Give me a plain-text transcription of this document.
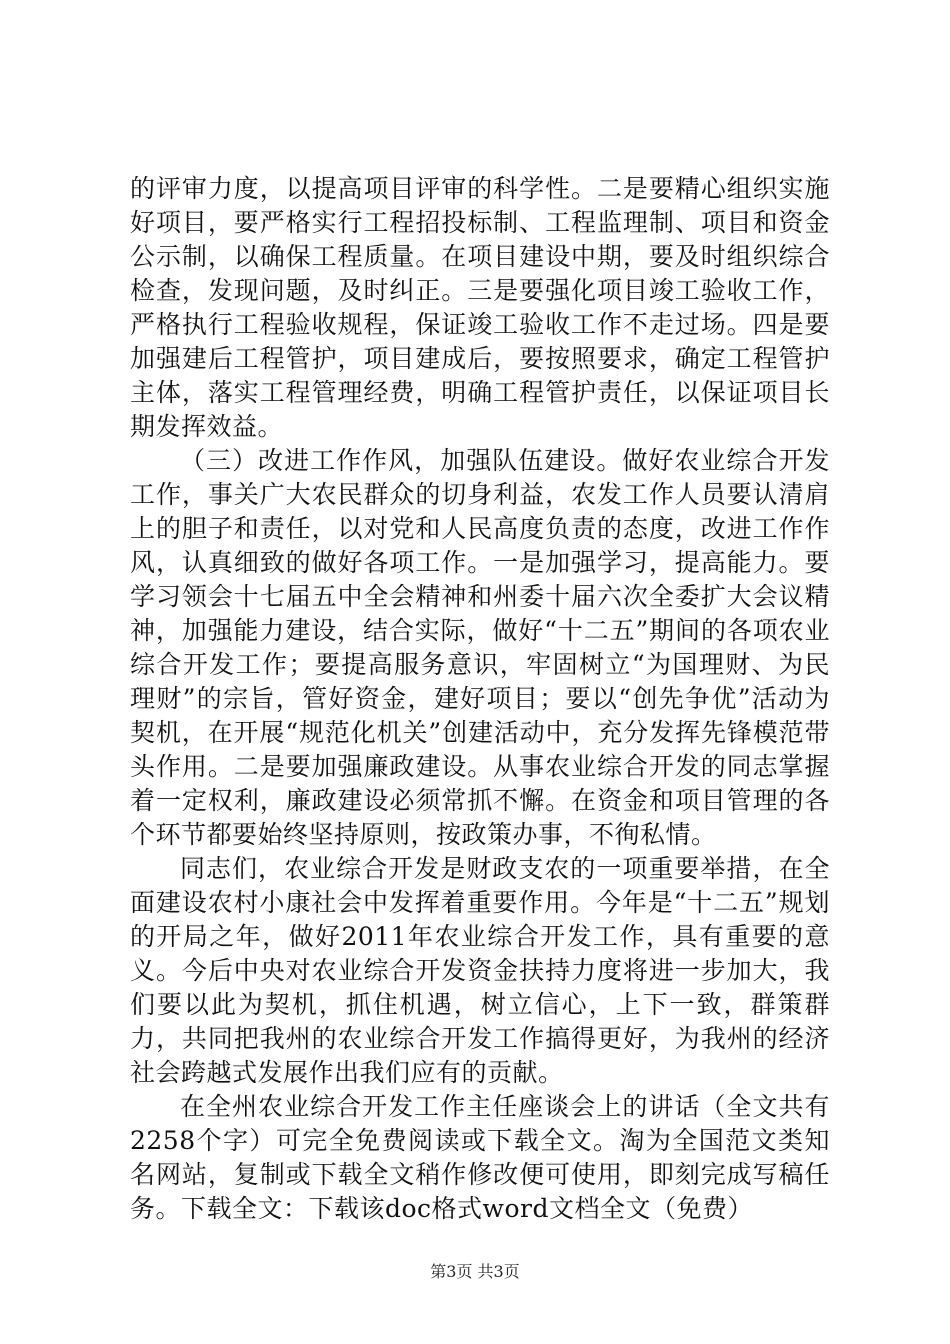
的评审力度，以提高项目评审的科学性。二是要精心组织实施好项目，要严格实行工程招投标制、工程监理制、项目和资金公示制，以确保工程质量。在项目建设中期，要及时组织综合检查，发现问题，及时纠正。三是要强化项目竣工验收工作，严格执行工程验收规程，保证竣工验收工作不走过场。四是要加强建后工程管护，项目建成后，要按照要求，确定工程管护主体，落实工程管理经费，明确工程管护责任，以保证项目长期发挥效益。

（三）改进工作作风，加强队伍建设。做好农业综合开发工作，事关广大农民群众的切身利益，农发工作人员要认清肩上的胆子和责任，以对党和人民高度负责的态度，改进工作作风，认真细致的做好各项工作。一是加强学习，提高能力。要学习领会十七届五中全会精神和州委十届六次全委扩大会议精神，加强能力建设，结合实际，做好“十二五”期间的各项农业综合开发工作；要提高服务意识，牢固树立“为国理财、为民理财”的宗旨，管好资金，建好项目；要以“创先争优”活动为契机，在开展“规范化机关”创建活动中，充分发挥先锋模范带头作用。二是要加强廉政建设。从事农业综合开发的同志掌握着一定权利，廉政建设必须常抓不懈。在资金和项目管理的各个环节都要始终坚持原则，按政策办事，不徇私情。

同志们，农业综合开发是财政支农的一项重要举措，在全面建设农村小康社会中发挥着重要作用。今年是“十二五”规划的开局之年，做好2011年农业综合开发工作，具有重要的意义。今后中央对农业综合开发资金扶持力度将进一步加大，我们要以此为契机，抓住机遇，树立信心，上下一致，群策群力，共同把我州的农业综合开发工作搞得更好，为我州的经济社会跨越式发展作出我们应有的贡献。

在全州农业综合开发工作主任座谈会上的讲话（全文共有2258个字）可完全免费阅读或下载全文。淘为全国范文类知名网站，复制或下载全文稍作修改便可使用，即刻完成写稿任务。下载全文：下载该doc格式word文档全文（免费）

第3页 共3页
